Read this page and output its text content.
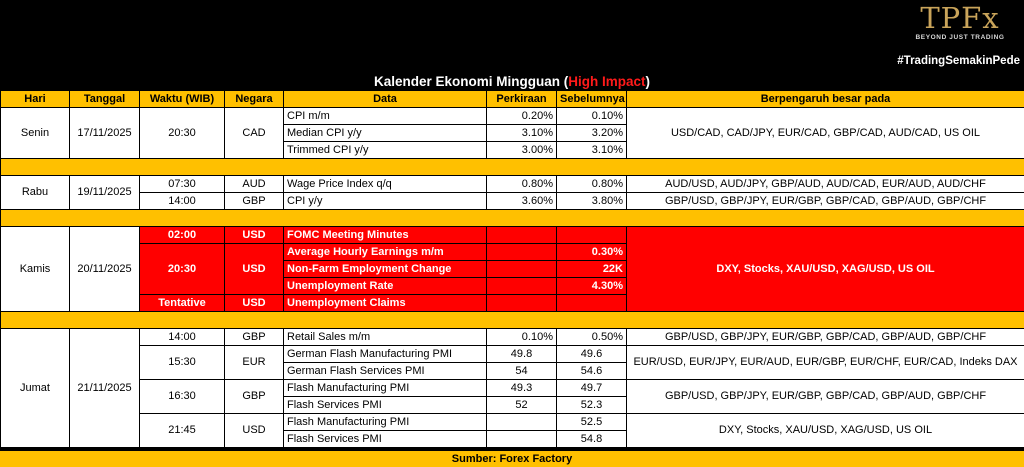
TPFx
BEYOND JUST TRADING
#TradingSemakinPede
Kalender Ekonomi Mingguan (High Impact)
Hari	Tanggal	Waktu (WIB)	Negara	Data	Perkiraan	Sebelumnya	Berpengaruh besar pada
Senin	17/11/2025	20:30	CAD	CPI m/m	0.20%	0.10%	USD/CAD, CAD/JPY, EUR/CAD, GBP/CAD, AUD/CAD, US OIL
				Median CPI y/y	3.10%	3.20%	
				Trimmed CPI y/y	3.00%	3.10%	

Rabu	19/11/2025	07:30	AUD	Wage Price Index q/q	0.80%	0.80%	AUD/USD, AUD/JPY, GBP/AUD, AUD/CAD, EUR/AUD, AUD/CHF
		14:00	GBP	CPI y/y	3.60%	3.80%	GBP/USD, GBP/JPY, EUR/GBP, GBP/CAD, GBP/AUD, GBP/CHF

Kamis	20/11/2025	02:00	USD	FOMC Meeting Minutes			DXY, Stocks, XAU/USD, XAG/USD, US OIL
		20:30	USD	Average Hourly Earnings m/m		0.30%	
				Non-Farm Employment Change		22K	
				Unemployment Rate		4.30%	
		Tentative	USD	Unemployment Claims			

Jumat	21/11/2025	14:00	GBP	Retail Sales m/m	0.10%	0.50%	GBP/USD, GBP/JPY, EUR/GBP, GBP/CAD, GBP/AUD, GBP/CHF
		15:30	EUR	German Flash Manufacturing PMI	49.8	49.6	EUR/USD, EUR/JPY, EUR/AUD, EUR/GBP, EUR/CHF, EUR/CAD, Indeks DAX
				German Flash Services PMI	54	54.6	
		16:30	GBP	Flash Manufacturing PMI	49.3	49.7	GBP/USD, GBP/JPY, EUR/GBP, GBP/CAD, GBP/AUD, GBP/CHF
				Flash Services PMI	52	52.3	
		21:45	USD	Flash Manufacturing PMI		52.5	DXY, Stocks, XAU/USD, XAG/USD, US OIL
				Flash Services PMI		54.8	
Sumber: Forex Factory
